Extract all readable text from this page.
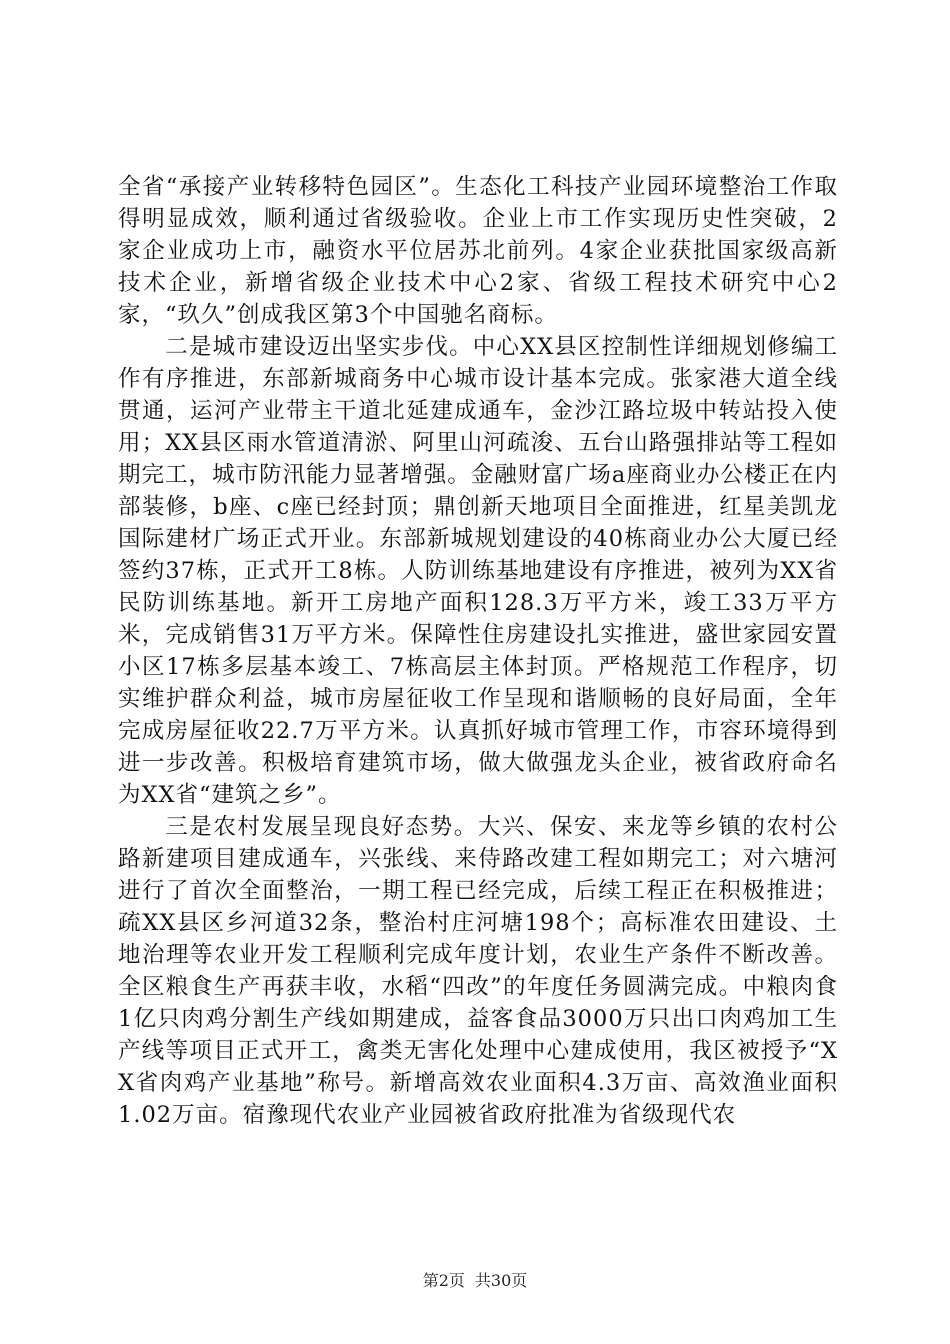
全省“承接产业转移特色园区”。生态化工科技产业园环境整治工作取得明显成效，顺利通过省级验收。企业上市工作实现历史性突破，2家企业成功上市，融资水平位居苏北前列。4家企业获批国家级高新技术企业，新增省级企业技术中心2家、省级工程技术研究中心2家，“玖久”创成我区第3个中国驰名商标。

二是城市建设迈出坚实步伐。中心XX县区控制性详细规划修编工作有序推进，东部新城商务中心城市设计基本完成。张家港大道全线贯通，运河产业带主干道北延建成通车，金沙江路垃圾中转站投入使用；XX县区雨水管道清淤、阿里山河疏浚、五台山路强排站等工程如期完工，城市防汛能力显著增强。金融财富广场a座商业办公楼正在内部装修，b座、c座已经封顶；鼎创新天地项目全面推进，红星美凯龙国际建材广场正式开业。东部新城规划建设的40栋商业办公大厦已经签约37栋，正式开工8栋。人防训练基地建设有序推进，被列为XX省民防训练基地。新开工房地产面积128.3万平方米，竣工33万平方米，完成销售31万平方米。保障性住房建设扎实推进，盛世家园安置小区17栋多层基本竣工、7栋高层主体封顶。严格规范工作程序，切实维护群众利益，城市房屋征收工作呈现和谐顺畅的良好局面，全年完成房屋征收22.7万平方米。认真抓好城市管理工作，市容环境得到进一步改善。积极培育建筑市场，做大做强龙头企业，被省政府命名为XX省“建筑之乡”。

三是农村发展呈现良好态势。大兴、保安、来龙等乡镇的农村公路新建项目建成通车，兴张线、来侍路改建工程如期完工；对六塘河进行了首次全面整治，一期工程已经完成，后续工程正在积极推进；疏XX县区乡河道32条，整治村庄河塘198个；高标准农田建设、土地治理等农业开发工程顺利完成年度计划，农业生产条件不断改善。全区粮食生产再获丰收，水稻“四改”的年度任务圆满完成。中粮肉食1亿只肉鸡分割生产线如期建成，益客食品3000万只出口肉鸡加工生产线等项目正式开工，禽类无害化处理中心建成使用，我区被授予“XX省肉鸡产业基地”称号。新增高效农业面积4.3万亩、高效渔业面积1.02万亩。宿豫现代农业产业园被省政府批准为省级现代农

第2页 共30页
